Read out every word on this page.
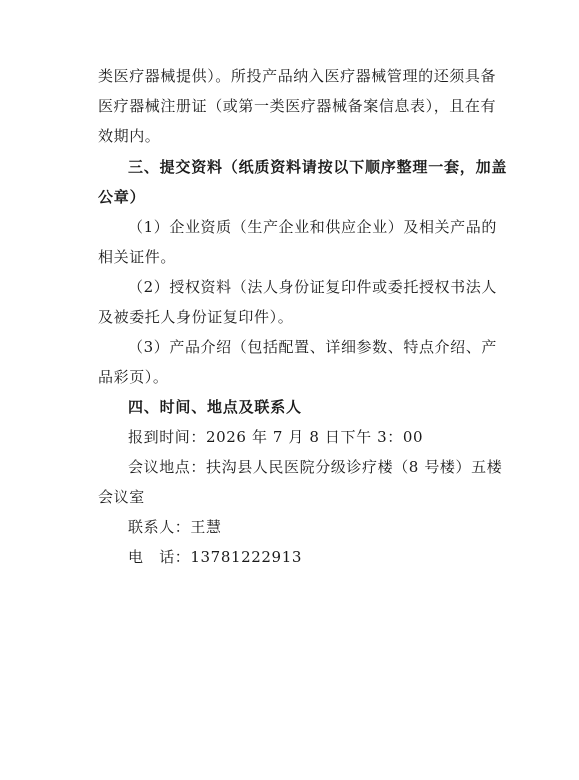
类医疗器械提供）。所投产品纳入医疗器械管理的还须具备
医疗器械注册证（或第一类医疗器械备案信息表），且在有
效期内。
三、提交资料（纸质资料请按以下顺序整理一套，加盖
公章）
（1）企业资质（生产企业和供应企业）及相关产品的
相关证件。
（2）授权资料（法人身份证复印件或委托授权书法人
及被委托人身份证复印件）。
（3）产品介绍（包括配置、详细参数、特点介绍、产
品彩页）。
四、时间、地点及联系人
报到时间：2026 年 7 月 8 日下午 3：00
会议地点：扶沟县人民医院分级诊疗楼（8 号楼）五楼
会议室
联系人：王慧
电　话：13781222913
